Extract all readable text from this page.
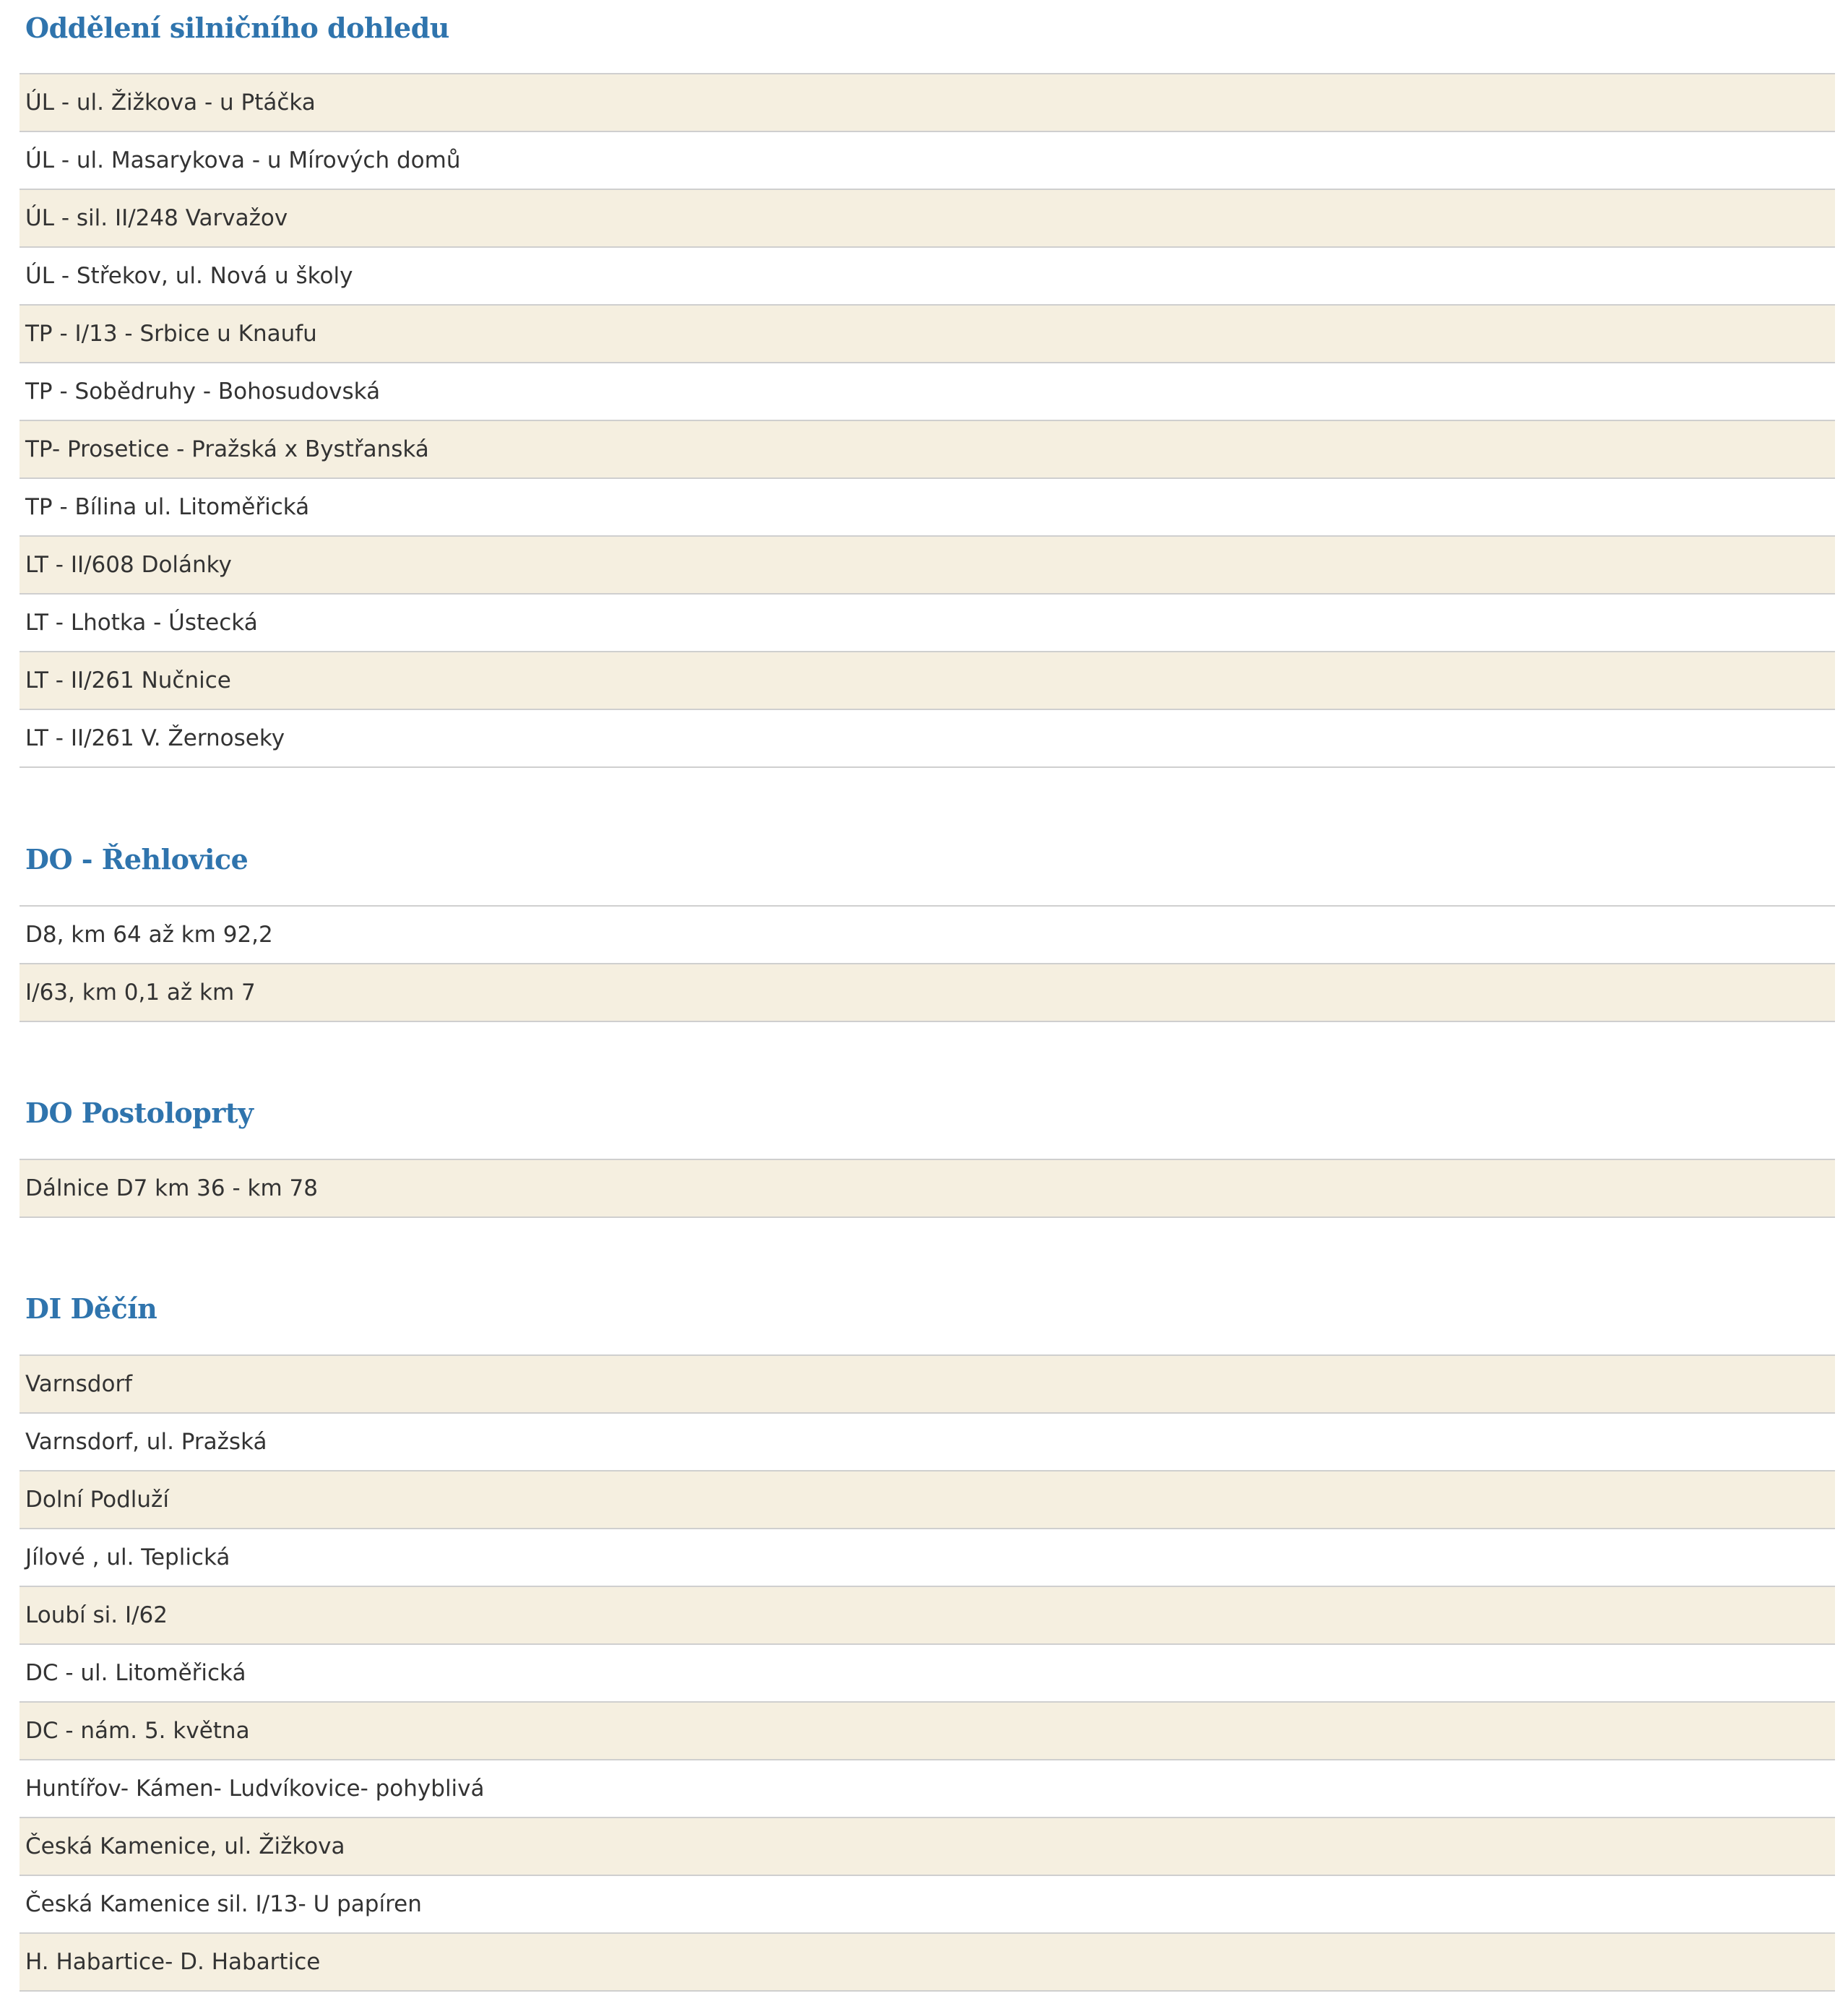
Oddělení silničního dohledu
ÚL - ul. Žižkova - u Ptáčka
ÚL - ul. Masarykova - u Mírových domů
ÚL - sil. II/248 Varvažov
ÚL - Střekov, ul. Nová u školy
TP - I/13 - Srbice u Knaufu
TP - Sobědruhy - Bohosudovská
TP- Prosetice - Pražská x Bystřanská
TP - Bílina ul. Litoměřická
LT - II/608 Dolánky
LT - Lhotka - Ústecká
LT - II/261 Nučnice
LT - II/261 V. Žernoseky
DO - Řehlovice
D8, km 64 až km 92,2
I/63, km 0,1 až km 7
DO Postoloprty
Dálnice D7 km 36 - km 78
DI Děčín
Varnsdorf
Varnsdorf, ul. Pražská
Dolní Podluží
Jílové , ul. Teplická
Loubí si. I/62
DC - ul. Litoměřická
DC - nám. 5. května
Huntířov- Kámen- Ludvíkovice- pohyblivá
Česká Kamenice, ul. Žižkova
Česká Kamenice sil. I/13- U papíren
H. Habartice- D. Habartice
